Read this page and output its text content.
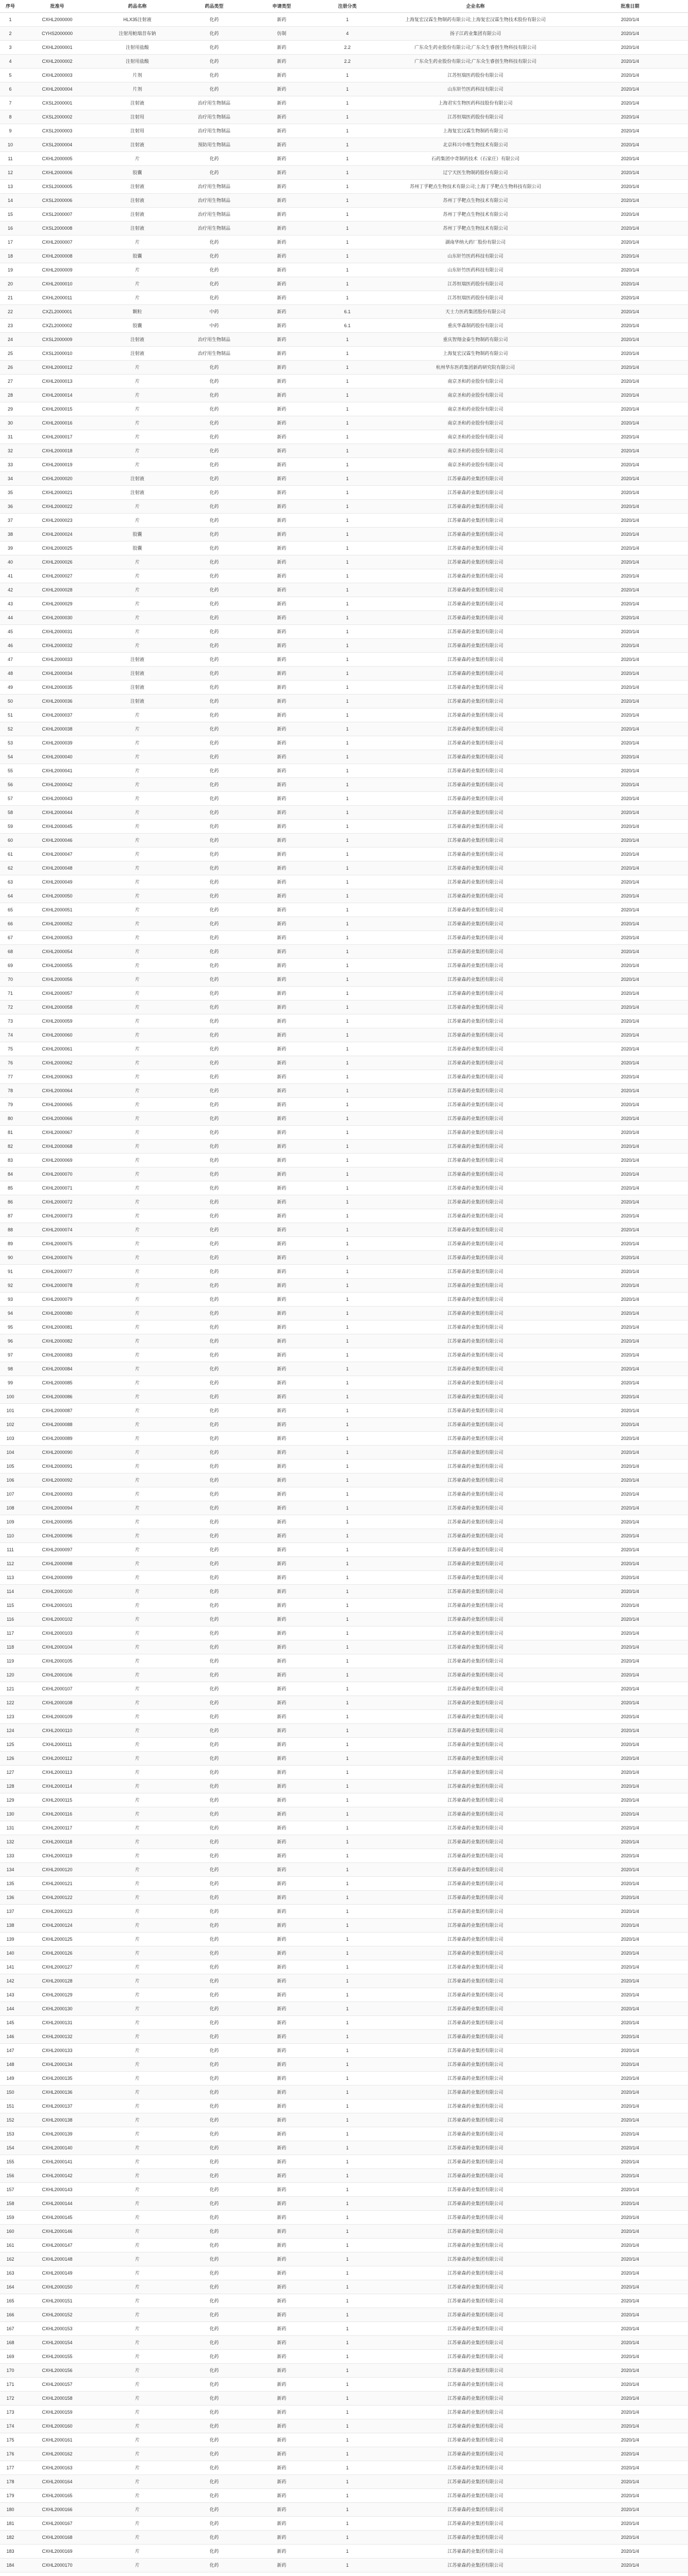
序号	批准号	药品名称	药品类型	申请类型	注册分类	企业名称	批准日期
1	CXHL2000000	HLX35注射液	化药	新药	1	上海复宏汉霖生物制药有限公司;上海复宏汉霖生物技术股份有限公司	2020/1/4
2	CYHS2000000	注射用帕瑞昔布钠	化药	仿制	4	扬子江药业集团有限公司	2020/1/4
3	CXHL2000001	注射用盐酸	化药	新药	2.2	广东众生药业股份有限公司;广东众生睿创生物科技有限公司	2020/1/4
4	CXHL2000002	注射用盐酸	化药	新药	2.2	广东众生药业股份有限公司;广东众生睿创生物科技有限公司	2020/1/4
5	CXHL2000003	片剂	化药	新药	1	江苏恒瑞医药股份有限公司	2020/1/4
6	CXHL2000004	片剂	化药	新药	1	山东轩竹医药科技有限公司	2020/1/4
7	CXSL2000001	注射液	治疗用生物制品	新药	1	上海君实生物医药科技股份有限公司	2020/1/4
8	CXSL2000002	注射用	治疗用生物制品	新药	1	江苏恒瑞医药股份有限公司	2020/1/4
9	CXSL2000003	注射用	治疗用生物制品	新药	1	上海复宏汉霖生物制药有限公司	2020/1/4
10	CXSL2000004	注射液	预防用生物制品	新药	1	北京科兴中维生物技术有限公司	2020/1/4
11	CXHL2000005	片	化药	新药	1	石药集团中奇制药技术（石家庄）有限公司	2020/1/4
12	CXHL2000006	胶囊	化药	新药	1	辽宁天医生物制药股份有限公司	2020/1/4
13	CXSL2000005	注射液	治疗用生物制品	新药	1	苏州丁孚靶点生物技术有限公司;上海丁孚靶点生物科技有限公司	2020/1/4
14	CXSL2000006	注射液	治疗用生物制品	新药	1	苏州丁孚靶点生物技术有限公司	2020/1/4
15	CXSL2000007	注射液	治疗用生物制品	新药	1	苏州丁孚靶点生物技术有限公司	2020/1/4
16	CXSL2000008	注射液	治疗用生物制品	新药	1	苏州丁孚靶点生物技术有限公司	2020/1/4
17	CXHL2000007	片	化药	新药	1	湖南华纳大药厂股份有限公司	2020/1/4
18	CXHL2000008	胶囊	化药	新药	1	山东轩竹医药科技有限公司	2020/1/4
19	CXHL2000009	片	化药	新药	1	山东轩竹医药科技有限公司	2020/1/4
20	CXHL2000010	片	化药	新药	1	江苏恒瑞医药股份有限公司	2020/1/4
21	CXHL2000011	片	化药	新药	1	江苏恒瑞医药股份有限公司	2020/1/4
22	CXZL2000001	颗粒	中药	新药	6.1	天士力医药集团股份有限公司	2020/1/4
23	CXZL2000002	胶囊	中药	新药	6.1	重庆华森制药股份有限公司	2020/1/4
24	CXSL2000009	注射液	治疗用生物制品	新药	1	重庆智翔金泰生物制药有限公司	2020/1/4
25	CXSL2000010	注射液	治疗用生物制品	新药	1	上海复宏汉霖生物制药有限公司	2020/1/4
26	CXHL2000012	片	化药	新药	1	杭州华东医药集团新药研究院有限公司	2020/1/4
27	CXHL2000013	片	化药	新药	1	南京圣和药业股份有限公司	2020/1/4
28	CXHL2000014	片	化药	新药	1	南京圣和药业股份有限公司	2020/1/4
29	CXHL2000015	片	化药	新药	1	南京圣和药业股份有限公司	2020/1/4
30	CXHL2000016	片	化药	新药	1	南京圣和药业股份有限公司	2020/1/4
31	CXHL2000017	片	化药	新药	1	南京圣和药业股份有限公司	2020/1/4
32	CXHL2000018	片	化药	新药	1	南京圣和药业股份有限公司	2020/1/4
33	CXHL2000019	片	化药	新药	1	南京圣和药业股份有限公司	2020/1/4
34	CXHL2000020	注射液	化药	新药	1	江苏豪森药业集团有限公司	2020/1/4
35	CXHL2000021	注射液	化药	新药	1	江苏豪森药业集团有限公司	2020/1/4
36	CXHL2000022	片	化药	新药	1	江苏豪森药业集团有限公司	2020/1/4
37	CXHL2000023	片	化药	新药	1	江苏豪森药业集团有限公司	2020/1/4
38	CXHL2000024	胶囊	化药	新药	1	江苏豪森药业集团有限公司	2020/1/4
39	CXHL2000025	胶囊	化药	新药	1	江苏豪森药业集团有限公司	2020/1/4
40	CXHL2000026	片	化药	新药	1	江苏豪森药业集团有限公司	2020/1/4
41	CXHL2000027	片	化药	新药	1	江苏豪森药业集团有限公司	2020/1/4
42	CXHL2000028	片	化药	新药	1	江苏豪森药业集团有限公司	2020/1/4
43	CXHL2000029	片	化药	新药	1	江苏豪森药业集团有限公司	2020/1/4
44	CXHL2000030	片	化药	新药	1	江苏豪森药业集团有限公司	2020/1/4
45	CXHL2000031	片	化药	新药	1	江苏豪森药业集团有限公司	2020/1/4
46	CXHL2000032	片	化药	新药	1	江苏豪森药业集团有限公司	2020/1/4
47	CXHL2000033	注射液	化药	新药	1	江苏豪森药业集团有限公司	2020/1/4
48	CXHL2000034	注射液	化药	新药	1	江苏豪森药业集团有限公司	2020/1/4
49	CXHL2000035	注射液	化药	新药	1	江苏豪森药业集团有限公司	2020/1/4
50	CXHL2000036	注射液	化药	新药	1	江苏豪森药业集团有限公司	2020/1/4
51	CXHL2000037	片	化药	新药	1	江苏豪森药业集团有限公司	2020/1/4
52	CXHL2000038	片	化药	新药	1	江苏豪森药业集团有限公司	2020/1/4
53	CXHL2000039	片	化药	新药	1	江苏豪森药业集团有限公司	2020/1/4
54	CXHL2000040	片	化药	新药	1	江苏豪森药业集团有限公司	2020/1/4
55	CXHL2000041	片	化药	新药	1	江苏豪森药业集团有限公司	2020/1/4
56	CXHL2000042	片	化药	新药	1	江苏豪森药业集团有限公司	2020/1/4
57	CXHL2000043	片	化药	新药	1	江苏豪森药业集团有限公司	2020/1/4
58	CXHL2000044	片	化药	新药	1	江苏豪森药业集团有限公司	2020/1/4
59	CXHL2000045	片	化药	新药	1	江苏豪森药业集团有限公司	2020/1/4
60	CXHL2000046	片	化药	新药	1	江苏豪森药业集团有限公司	2020/1/4
61	CXHL2000047	片	化药	新药	1	江苏豪森药业集团有限公司	2020/1/4
62	CXHL2000048	片	化药	新药	1	江苏豪森药业集团有限公司	2020/1/4
63	CXHL2000049	片	化药	新药	1	江苏豪森药业集团有限公司	2020/1/4
64	CXHL2000050	片	化药	新药	1	江苏豪森药业集团有限公司	2020/1/4
65	CXHL2000051	片	化药	新药	1	江苏豪森药业集团有限公司	2020/1/4
66	CXHL2000052	片	化药	新药	1	江苏豪森药业集团有限公司	2020/1/4
67	CXHL2000053	片	化药	新药	1	江苏豪森药业集团有限公司	2020/1/4
68	CXHL2000054	片	化药	新药	1	江苏豪森药业集团有限公司	2020/1/4
69	CXHL2000055	片	化药	新药	1	江苏豪森药业集团有限公司	2020/1/4
70	CXHL2000056	片	化药	新药	1	江苏豪森药业集团有限公司	2020/1/4
71	CXHL2000057	片	化药	新药	1	江苏豪森药业集团有限公司	2020/1/4
72	CXHL2000058	片	化药	新药	1	江苏豪森药业集团有限公司	2020/1/4
73	CXHL2000059	片	化药	新药	1	江苏豪森药业集团有限公司	2020/1/4
74	CXHL2000060	片	化药	新药	1	江苏豪森药业集团有限公司	2020/1/4
75	CXHL2000061	片	化药	新药	1	江苏豪森药业集团有限公司	2020/1/4
76	CXHL2000062	片	化药	新药	1	江苏豪森药业集团有限公司	2020/1/4
77	CXHL2000063	片	化药	新药	1	江苏豪森药业集团有限公司	2020/1/4
78	CXHL2000064	片	化药	新药	1	江苏豪森药业集团有限公司	2020/1/4
79	CXHL2000065	片	化药	新药	1	江苏豪森药业集团有限公司	2020/1/4
80	CXHL2000066	片	化药	新药	1	江苏豪森药业集团有限公司	2020/1/4
81	CXHL2000067	片	化药	新药	1	江苏豪森药业集团有限公司	2020/1/4
82	CXHL2000068	片	化药	新药	1	江苏豪森药业集团有限公司	2020/1/4
83	CXHL2000069	片	化药	新药	1	江苏豪森药业集团有限公司	2020/1/4
84	CXHL2000070	片	化药	新药	1	江苏豪森药业集团有限公司	2020/1/4
85	CXHL2000071	片	化药	新药	1	江苏豪森药业集团有限公司	2020/1/4
86	CXHL2000072	片	化药	新药	1	江苏豪森药业集团有限公司	2020/1/4
87	CXHL2000073	片	化药	新药	1	江苏豪森药业集团有限公司	2020/1/4
88	CXHL2000074	片	化药	新药	1	江苏豪森药业集团有限公司	2020/1/4
89	CXHL2000075	片	化药	新药	1	江苏豪森药业集团有限公司	2020/1/4
90	CXHL2000076	片	化药	新药	1	江苏豪森药业集团有限公司	2020/1/4
91	CXHL2000077	片	化药	新药	1	江苏豪森药业集团有限公司	2020/1/4
92	CXHL2000078	片	化药	新药	1	江苏豪森药业集团有限公司	2020/1/4
93	CXHL2000079	片	化药	新药	1	江苏豪森药业集团有限公司	2020/1/4
94	CXHL2000080	片	化药	新药	1	江苏豪森药业集团有限公司	2020/1/4
95	CXHL2000081	片	化药	新药	1	江苏豪森药业集团有限公司	2020/1/4
96	CXHL2000082	片	化药	新药	1	江苏豪森药业集团有限公司	2020/1/4
97	CXHL2000083	片	化药	新药	1	江苏豪森药业集团有限公司	2020/1/4
98	CXHL2000084	片	化药	新药	1	江苏豪森药业集团有限公司	2020/1/4
99	CXHL2000085	片	化药	新药	1	江苏豪森药业集团有限公司	2020/1/4
100	CXHL2000086	片	化药	新药	1	江苏豪森药业集团有限公司	2020/1/4
101	CXHL2000087	片	化药	新药	1	江苏豪森药业集团有限公司	2020/1/4
102	CXHL2000088	片	化药	新药	1	江苏豪森药业集团有限公司	2020/1/4
103	CXHL2000089	片	化药	新药	1	江苏豪森药业集团有限公司	2020/1/4
104	CXHL2000090	片	化药	新药	1	江苏豪森药业集团有限公司	2020/1/4
105	CXHL2000091	片	化药	新药	1	江苏豪森药业集团有限公司	2020/1/4
106	CXHL2000092	片	化药	新药	1	江苏豪森药业集团有限公司	2020/1/4
107	CXHL2000093	片	化药	新药	1	江苏豪森药业集团有限公司	2020/1/4
108	CXHL2000094	片	化药	新药	1	江苏豪森药业集团有限公司	2020/1/4
109	CXHL2000095	片	化药	新药	1	江苏豪森药业集团有限公司	2020/1/4
110	CXHL2000096	片	化药	新药	1	江苏豪森药业集团有限公司	2020/1/4
111	CXHL2000097	片	化药	新药	1	江苏豪森药业集团有限公司	2020/1/4
112	CXHL2000098	片	化药	新药	1	江苏豪森药业集团有限公司	2020/1/4
113	CXHL2000099	片	化药	新药	1	江苏豪森药业集团有限公司	2020/1/4
114	CXHL2000100	片	化药	新药	1	江苏豪森药业集团有限公司	2020/1/4
115	CXHL2000101	片	化药	新药	1	江苏豪森药业集团有限公司	2020/1/4
116	CXHL2000102	片	化药	新药	1	江苏豪森药业集团有限公司	2020/1/4
117	CXHL2000103	片	化药	新药	1	江苏豪森药业集团有限公司	2020/1/4
118	CXHL2000104	片	化药	新药	1	江苏豪森药业集团有限公司	2020/1/4
119	CXHL2000105	片	化药	新药	1	江苏豪森药业集团有限公司	2020/1/4
120	CXHL2000106	片	化药	新药	1	江苏豪森药业集团有限公司	2020/1/4
121	CXHL2000107	片	化药	新药	1	江苏豪森药业集团有限公司	2020/1/4
122	CXHL2000108	片	化药	新药	1	江苏豪森药业集团有限公司	2020/1/4
123	CXHL2000109	片	化药	新药	1	江苏豪森药业集团有限公司	2020/1/4
124	CXHL2000110	片	化药	新药	1	江苏豪森药业集团有限公司	2020/1/4
125	CXHL2000111	片	化药	新药	1	江苏豪森药业集团有限公司	2020/1/4
126	CXHL2000112	片	化药	新药	1	江苏豪森药业集团有限公司	2020/1/4
127	CXHL2000113	片	化药	新药	1	江苏豪森药业集团有限公司	2020/1/4
128	CXHL2000114	片	化药	新药	1	江苏豪森药业集团有限公司	2020/1/4
129	CXHL2000115	片	化药	新药	1	江苏豪森药业集团有限公司	2020/1/4
130	CXHL2000116	片	化药	新药	1	江苏豪森药业集团有限公司	2020/1/4
131	CXHL2000117	片	化药	新药	1	江苏豪森药业集团有限公司	2020/1/4
132	CXHL2000118	片	化药	新药	1	江苏豪森药业集团有限公司	2020/1/4
133	CXHL2000119	片	化药	新药	1	江苏豪森药业集团有限公司	2020/1/4
134	CXHL2000120	片	化药	新药	1	江苏豪森药业集团有限公司	2020/1/4
135	CXHL2000121	片	化药	新药	1	江苏豪森药业集团有限公司	2020/1/4
136	CXHL2000122	片	化药	新药	1	江苏豪森药业集团有限公司	2020/1/4
137	CXHL2000123	片	化药	新药	1	江苏豪森药业集团有限公司	2020/1/4
138	CXHL2000124	片	化药	新药	1	江苏豪森药业集团有限公司	2020/1/4
139	CXHL2000125	片	化药	新药	1	江苏豪森药业集团有限公司	2020/1/4
140	CXHL2000126	片	化药	新药	1	江苏豪森药业集团有限公司	2020/1/4
141	CXHL2000127	片	化药	新药	1	江苏豪森药业集团有限公司	2020/1/4
142	CXHL2000128	片	化药	新药	1	江苏豪森药业集团有限公司	2020/1/4
143	CXHL2000129	片	化药	新药	1	江苏豪森药业集团有限公司	2020/1/4
144	CXHL2000130	片	化药	新药	1	江苏豪森药业集团有限公司	2020/1/4
145	CXHL2000131	片	化药	新药	1	江苏豪森药业集团有限公司	2020/1/4
146	CXHL2000132	片	化药	新药	1	江苏豪森药业集团有限公司	2020/1/4
147	CXHL2000133	片	化药	新药	1	江苏豪森药业集团有限公司	2020/1/4
148	CXHL2000134	片	化药	新药	1	江苏豪森药业集团有限公司	2020/1/4
149	CXHL2000135	片	化药	新药	1	江苏豪森药业集团有限公司	2020/1/4
150	CXHL2000136	片	化药	新药	1	江苏豪森药业集团有限公司	2020/1/4
151	CXHL2000137	片	化药	新药	1	江苏豪森药业集团有限公司	2020/1/4
152	CXHL2000138	片	化药	新药	1	江苏豪森药业集团有限公司	2020/1/4
153	CXHL2000139	片	化药	新药	1	江苏豪森药业集团有限公司	2020/1/4
154	CXHL2000140	片	化药	新药	1	江苏豪森药业集团有限公司	2020/1/4
155	CXHL2000141	片	化药	新药	1	江苏豪森药业集团有限公司	2020/1/4
156	CXHL2000142	片	化药	新药	1	江苏豪森药业集团有限公司	2020/1/4
157	CXHL2000143	片	化药	新药	1	江苏豪森药业集团有限公司	2020/1/4
158	CXHL2000144	片	化药	新药	1	江苏豪森药业集团有限公司	2020/1/4
159	CXHL2000145	片	化药	新药	1	江苏豪森药业集团有限公司	2020/1/4
160	CXHL2000146	片	化药	新药	1	江苏豪森药业集团有限公司	2020/1/4
161	CXHL2000147	片	化药	新药	1	江苏豪森药业集团有限公司	2020/1/4
162	CXHL2000148	片	化药	新药	1	江苏豪森药业集团有限公司	2020/1/4
163	CXHL2000149	片	化药	新药	1	江苏豪森药业集团有限公司	2020/1/4
164	CXHL2000150	片	化药	新药	1	江苏豪森药业集团有限公司	2020/1/4
165	CXHL2000151	片	化药	新药	1	江苏豪森药业集团有限公司	2020/1/4
166	CXHL2000152	片	化药	新药	1	江苏豪森药业集团有限公司	2020/1/4
167	CXHL2000153	片	化药	新药	1	江苏豪森药业集团有限公司	2020/1/4
168	CXHL2000154	片	化药	新药	1	江苏豪森药业集团有限公司	2020/1/4
169	CXHL2000155	片	化药	新药	1	江苏豪森药业集团有限公司	2020/1/4
170	CXHL2000156	片	化药	新药	1	江苏豪森药业集团有限公司	2020/1/4
171	CXHL2000157	片	化药	新药	1	江苏豪森药业集团有限公司	2020/1/4
172	CXHL2000158	片	化药	新药	1	江苏豪森药业集团有限公司	2020/1/4
173	CXHL2000159	片	化药	新药	1	江苏豪森药业集团有限公司	2020/1/4
174	CXHL2000160	片	化药	新药	1	江苏豪森药业集团有限公司	2020/1/4
175	CXHL2000161	片	化药	新药	1	江苏豪森药业集团有限公司	2020/1/4
176	CXHL2000162	片	化药	新药	1	江苏豪森药业集团有限公司	2020/1/4
177	CXHL2000163	片	化药	新药	1	江苏豪森药业集团有限公司	2020/1/4
178	CXHL2000164	片	化药	新药	1	江苏豪森药业集团有限公司	2020/1/4
179	CXHL2000165	片	化药	新药	1	江苏豪森药业集团有限公司	2020/1/4
180	CXHL2000166	片	化药	新药	1	江苏豪森药业集团有限公司	2020/1/4
181	CXHL2000167	片	化药	新药	1	江苏豪森药业集团有限公司	2020/1/4
182	CXHL2000168	片	化药	新药	1	江苏豪森药业集团有限公司	2020/1/4
183	CXHL2000169	片	化药	新药	1	江苏豪森药业集团有限公司	2020/1/4
184	CXHL2000170	片	化药	新药	1	江苏豪森药业集团有限公司	2020/1/4
